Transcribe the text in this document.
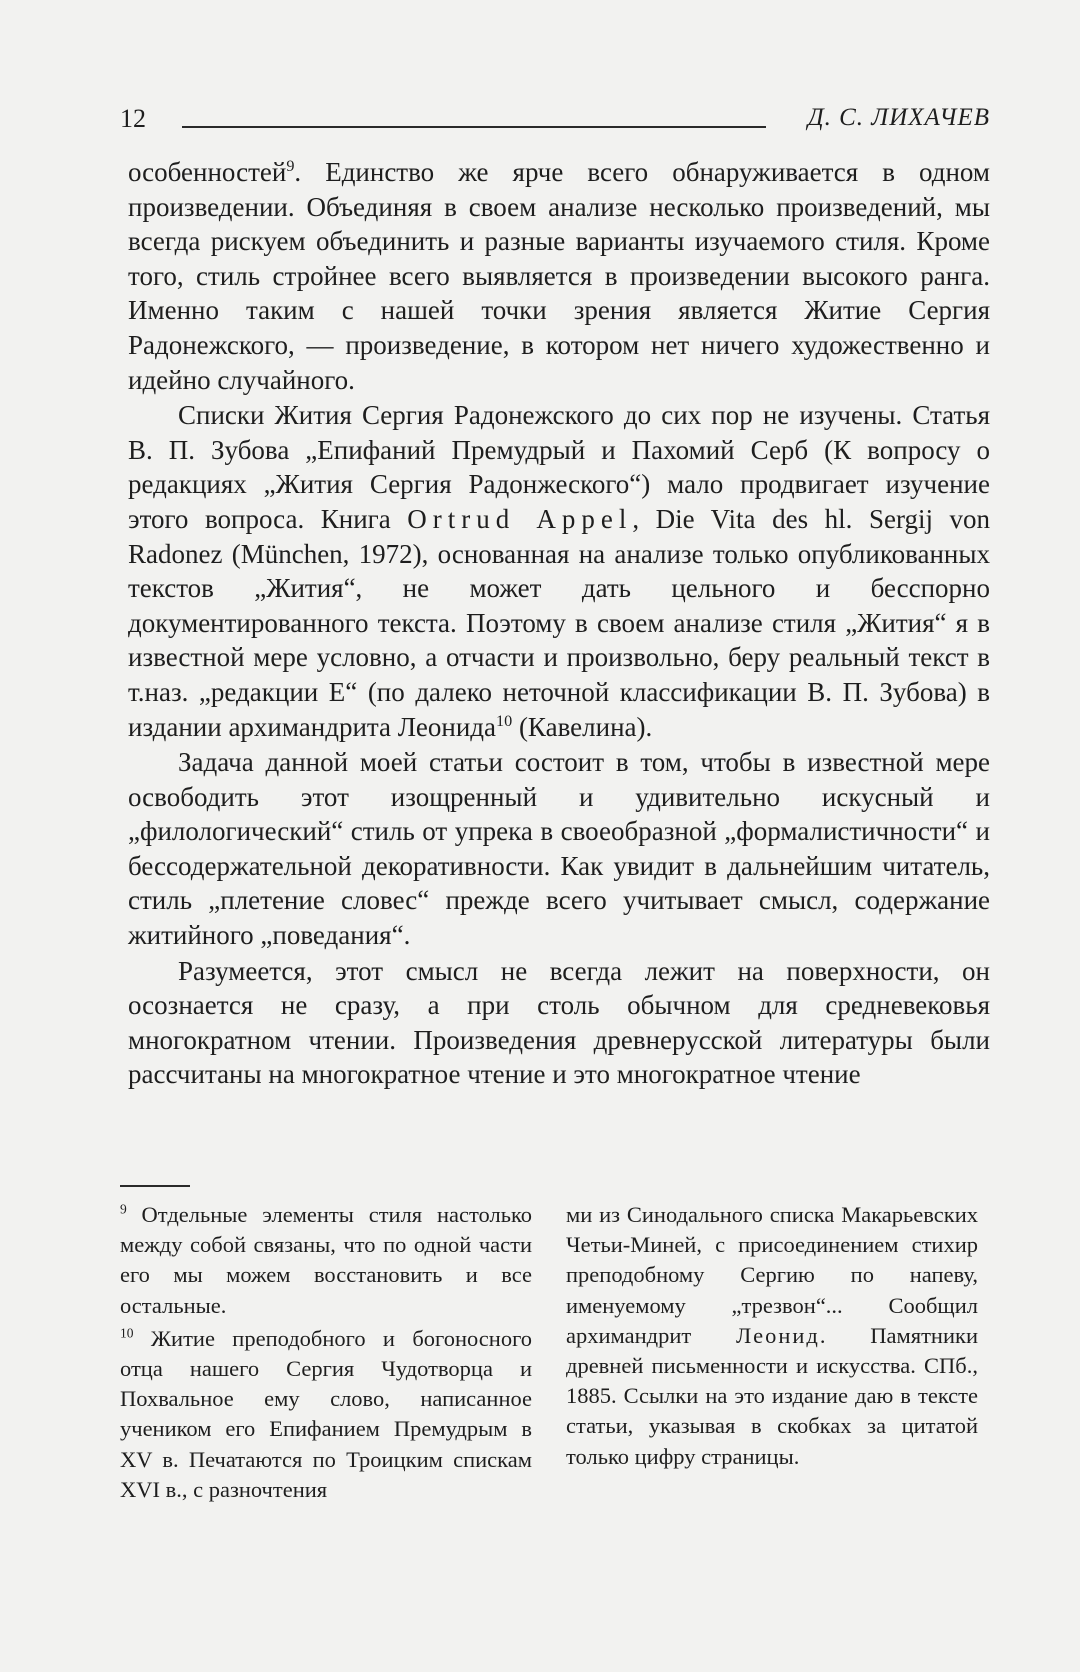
12	Д. С. ЛИХАЧЕВ

особенностей$^9$. Единство же ярче всего обнаруживается в одном произведении. Объединяя в своем анализе несколько произведений, мы всегда рискуем объединить и разные варианты изучаемого стиля. Кроме того, стиль стройнее всего выявляется в произведении высокого ранга. Именно таким с нашей точки зрения является Житие Сергия Радонежского, — произведение, в котором нет ничего художественно и идейно случайного.

Списки Жития Сергия Радонежского до сих пор не изучены. Статья В. П. Зубова „Епифаний Премудрый и Пахомий Серб (К вопросу о редакциях „Жития Сергия Радонжеского“) мало продвигает изучение этого вопроса. Книга Ortrud Appel, Die Vita des hl. Sergij von Radonez (München, 1972), основанная на анализе только опубликованных текстов „Жития“, не может дать цельного и бесспорно документированного текста. Поэтому в своем анализе стиля „Жития“ я в известной мере условно, а отчасти и произвольно, беру реальный текст в т.наз. „редакции Е“ (по далеко неточной классификации В. П. Зубова) в издании архимандрита Леонида$^{10}$ (Кавелина).

Задача данной моей статьи состоит в том, чтобы в известной мере освободить этот изощренный и удивительно искусный и „филологический“ стиль от упрека в своеобразной „формалистичности“ и бессодержательной декоративности. Как увидит в дальнейшим читатель, стиль „плетение словес“ прежде всего учитывает смысл, содержание житийного „поведания“.

Разумеется, этот смысл не всегда лежит на поверхности, он осознается не сразу, а при столь обычном для средневековья многократном чтении. Произведения древнерусской литературы были рассчитаны на многократное чтение и это многократное чтение

$^9$ Отдельные элементы стиля настолько между собой связаны, что по одной части его мы можем восстановить и все остальные.

$^{10}$ Житие преподобного и богоносного отца нашего Сергия Чудотворца и Похвальное ему слово, написанное учеником его Епифанием Премудрым в XV в. Печатаются по Троицким спискам XVI в., с разночтения

ми из Синодального списка Макарьевских Четьи-Миней, с присоединением стихир преподобному Сергию по напеву, именуемому „трезвон“... Сообщил архимандрит Леонид. Памятники древней письменности и искусства. СПб., 1885. Ссылки на это издание даю в тексте статьи, указывая в скобках за цитатой только цифру страницы.
